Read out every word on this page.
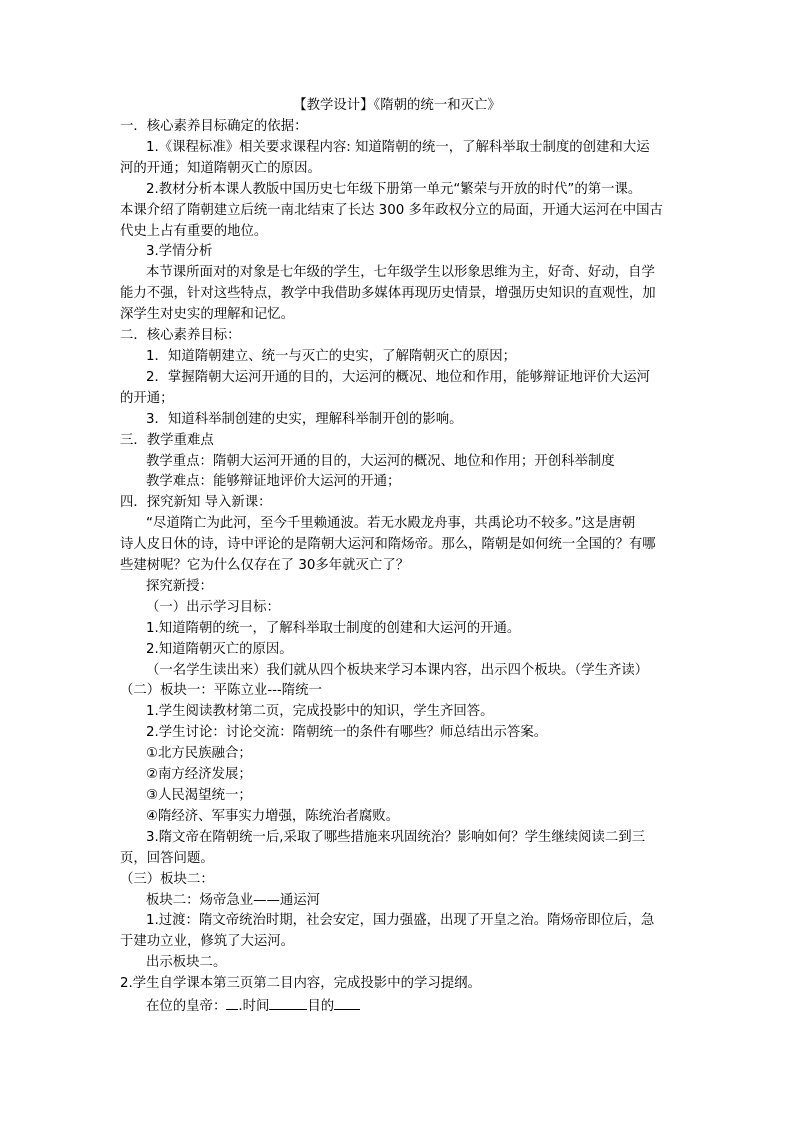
【教学设计】《隋朝的统一和灭亡》

一．核心素养目标确定的依据：

1.《课程标准》相关要求课程内容: 知道隋朝的统一，了解科举取士制度的创建和大运

河的开通；知道隋朝灭亡的原因。

2.教材分析本课人教版中国历史七年级下册第一单元“繁荣与开放的时代”的第一课。

本课介绍了隋朝建立后统一南北结束了长达 300 多年政权分立的局面，开通大运河在中国古

代史上占有重要的地位。

3.学情分析

本节课所面对的对象是七年级的学生，七年级学生以形象思维为主，好奇、好动，自学

能力不强，针对这些特点，教学中我借助多媒体再现历史情景，增强历史知识的直观性，加

深学生对史实的理解和记忆。

二．核心素养目标：

1．知道隋朝建立、统一与灭亡的史实，了解隋朝灭亡的原因；

2．掌握隋朝大运河开通的目的，大运河的概况、地位和作用，能够辩证地评价大运河

的开通；

3．知道科举制创建的史实，理解科举制开创的影响。

三．教学重难点

教学重点：隋朝大运河开通的目的，大运河的概况、地位和作用；开创科举制度

教学难点：能够辩证地评价大运河的开通；

四．探究新知 导入新课：

“尽道隋亡为此河，至今千里赖通波。若无水殿龙舟事，共禹论功不较多。”这是唐朝

诗人皮日休的诗，诗中评论的是隋朝大运河和隋炀帝。那么，隋朝是如何统一全国的？有哪

些建树呢？它为什么仅存在了 30多年就灭亡了？

探究新授：

（一）出示学习目标：

1.知道隋朝的统一，了解科举取士制度的创建和大运河的开通。

2.知道隋朝灭亡的原因。

（一名学生读出来）我们就从四个板块来学习本课内容，出示四个板块。（学生齐读）

（二）板块一：平陈立业---隋统一

1.学生阅读教材第二页，完成投影中的知识，学生齐回答。

2.学生讨论：讨论交流：隋朝统一的条件有哪些？师总结出示答案。

①北方民族融合；

②南方经济发展；

③人民渴望统一；

④隋经济、军事实力增强，陈统治者腐败。

3.隋文帝在隋朝统一后,采取了哪些措施来巩固统治？影响如何？学生继续阅读二到三

页，回答问题。

（三）板块二：

板块二：炀帝急业——通运河

1.过渡：隋文帝统治时期，社会安定，国力强盛，出现了开皇之治。隋炀帝即位后，急

于建功立业，修筑了大运河。

出示板块二。

2.学生自学课本第三页第二目内容，完成投影中的学习提纲。

在位的皇帝： .时间	目的
